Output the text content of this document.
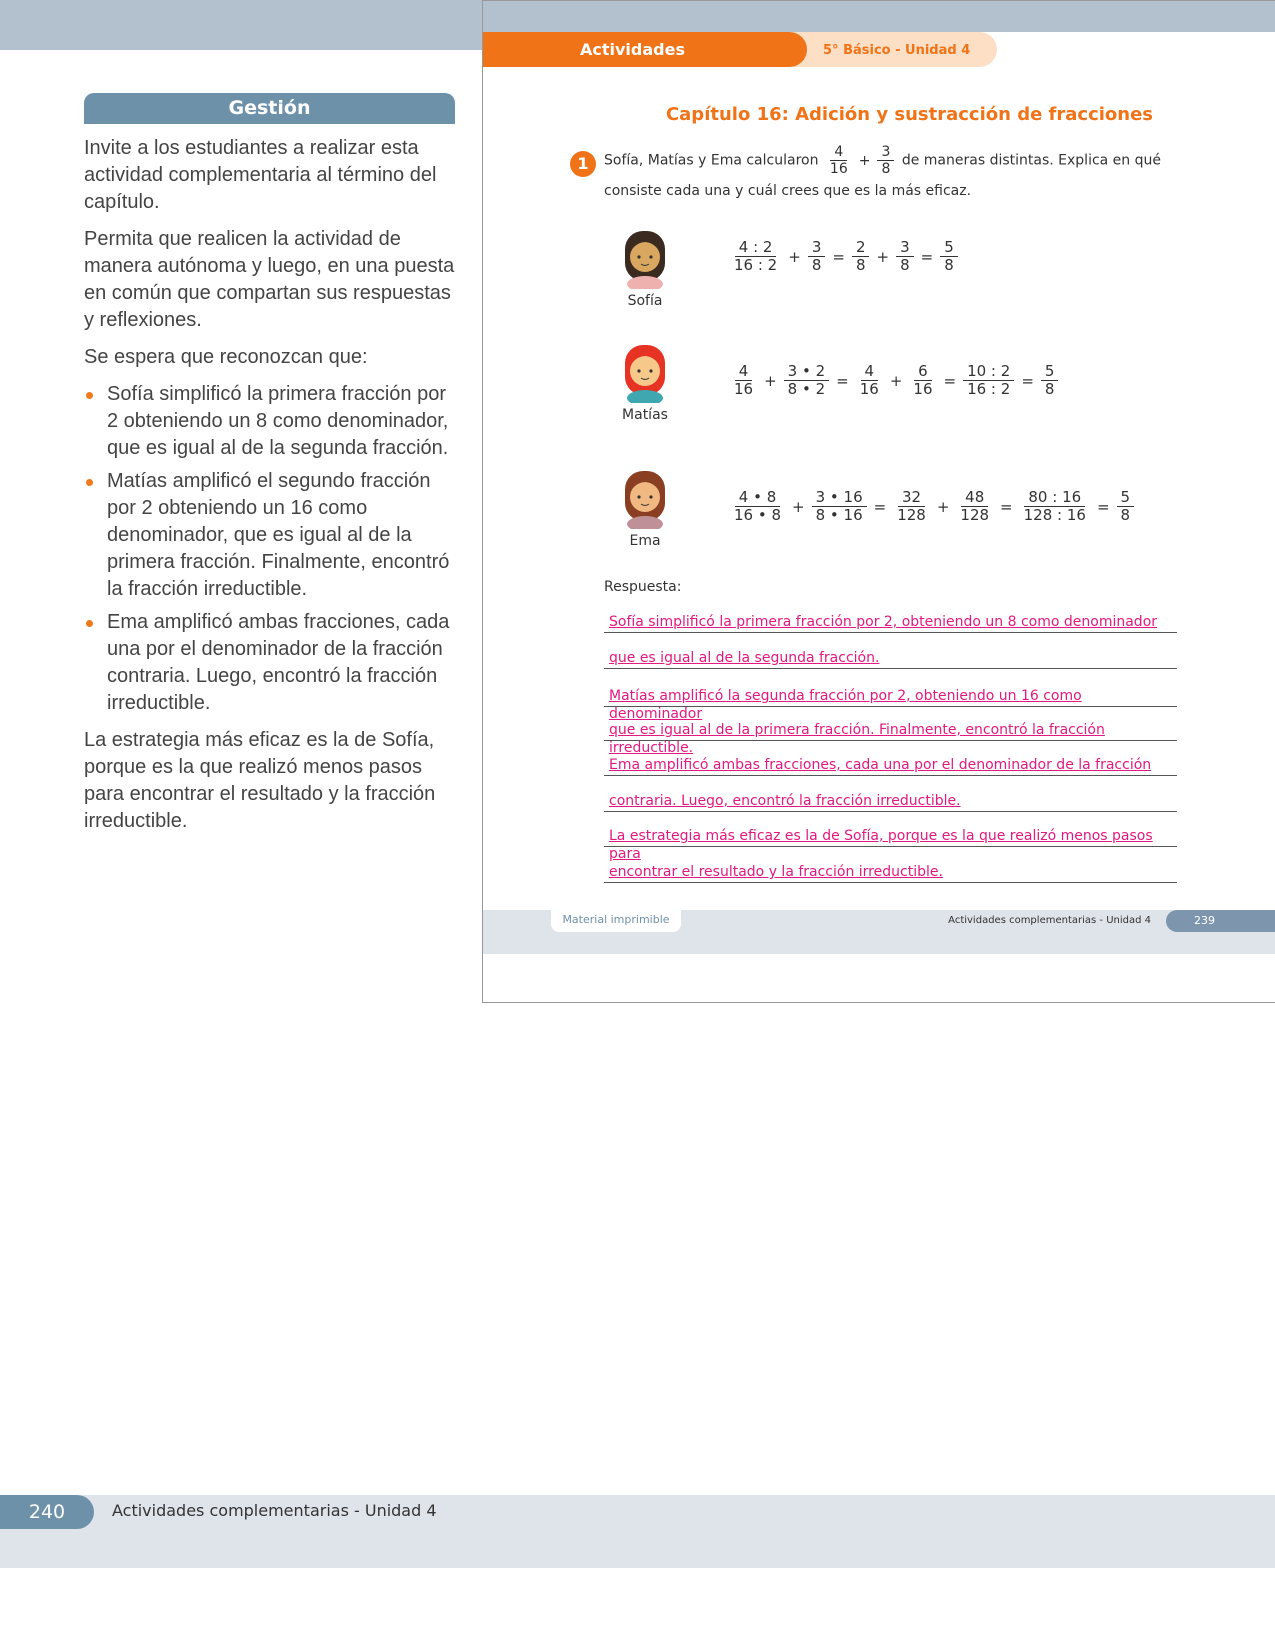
Gestión

Invite a los estudiantes a realizar esta actividad complementaria al término del capítulo.

Permita que realicen la actividad de manera autónoma y luego, en una puesta en común que compartan sus respuestas y reflexiones.

Se espera que reconozcan que:

Sofía simplificó la primera fracción por 2 obteniendo un 8 como denominador, que es igual al de la segunda fracción.
Matías amplificó el segundo fracción por 2 obteniendo un 16 como denominador, que es igual al de la primera fracción. Finalmente, encontró la fracción irreductible.
Ema amplificó ambas fracciones, cada una por el denominador de la fracción contraria. Luego, encontró la fracción irreductible.

La estrategia más eficaz es la de Sofía, porque es la que realizó menos pasos para encontrar el resultado y la fracción irreductible.

5° Básico - Unidad 4
Actividades complementarias
Capítulo 16: Adición y sustracción de fracciones
1	Sofía, Matías y Ema calcularon $\frac{4}{16} + \frac{3}{8}$ de maneras distintas. Explica en qué consiste cada una y cuál crees que es la más eficaz.
Respuesta:
Sofía simplificó la primera fracción por 2, obteniendo un 8 como denominador
que es igual al de la segunda fracción.
Matías amplificó la segunda fracción por 2, obteniendo un 16 como denominador
que es igual al de la primera fracción. Finalmente, encontró la fracción irreductible.
Ema amplificó ambas fracciones, cada una por el denominador de la fracción
contraria. Luego, encontró la fracción irreductible.
La estrategia más eficaz es la de Sofía, porque es la que realizó menos pasos para
encontrar el resultado y la fracción irreductible.
Material imprimible	Actividades complementarias - Unidad 4	239
Sofía
$\frac{4 : 2}{16 : 2} + \frac{3}{8} = \frac{2}{8} + \frac{3}{8} = \frac{5}{8}$
Matías
$\frac{4}{16} + \frac{3 • 2}{8 • 2} = \frac{4}{16} + \frac{6}{16} = \frac{10 : 2}{16 : 2} = \frac{5}{8}$
Ema
$\frac{4 • 8}{16 • 8} + \frac{3 • 16}{8 • 16} = \frac{32}{128} + \frac{48}{128} = \frac{80 : 16}{128 : 16} = \frac{5}{8}$
240	Actividades complementarias - Unidad 4
